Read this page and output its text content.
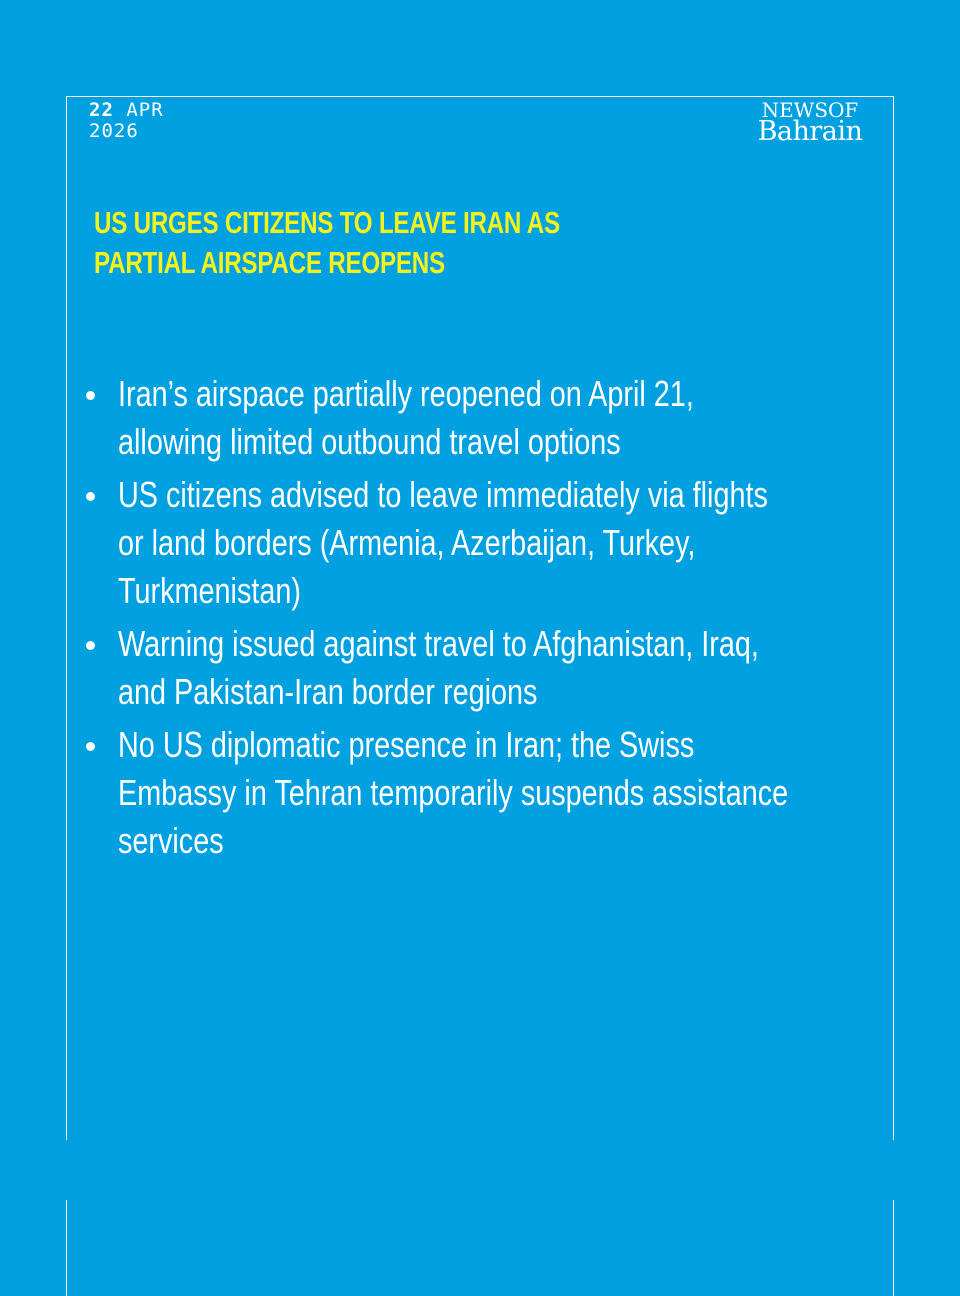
22 APR
2026
NEWSOF
Bahrain
US URGES CITIZENS TO LEAVE IRAN AS
PARTIAL AIRSPACE REOPENS
Iran’s airspace partially reopened on April 21,
allowing limited outbound travel options
US citizens advised to leave immediately via flights
or land borders (Armenia, Azerbaijan, Turkey,
Turkmenistan)
Warning issued against travel to Afghanistan, Iraq,
and Pakistan-Iran border regions
No US diplomatic presence in Iran; the Swiss
Embassy in Tehran temporarily suspends assistance
services
